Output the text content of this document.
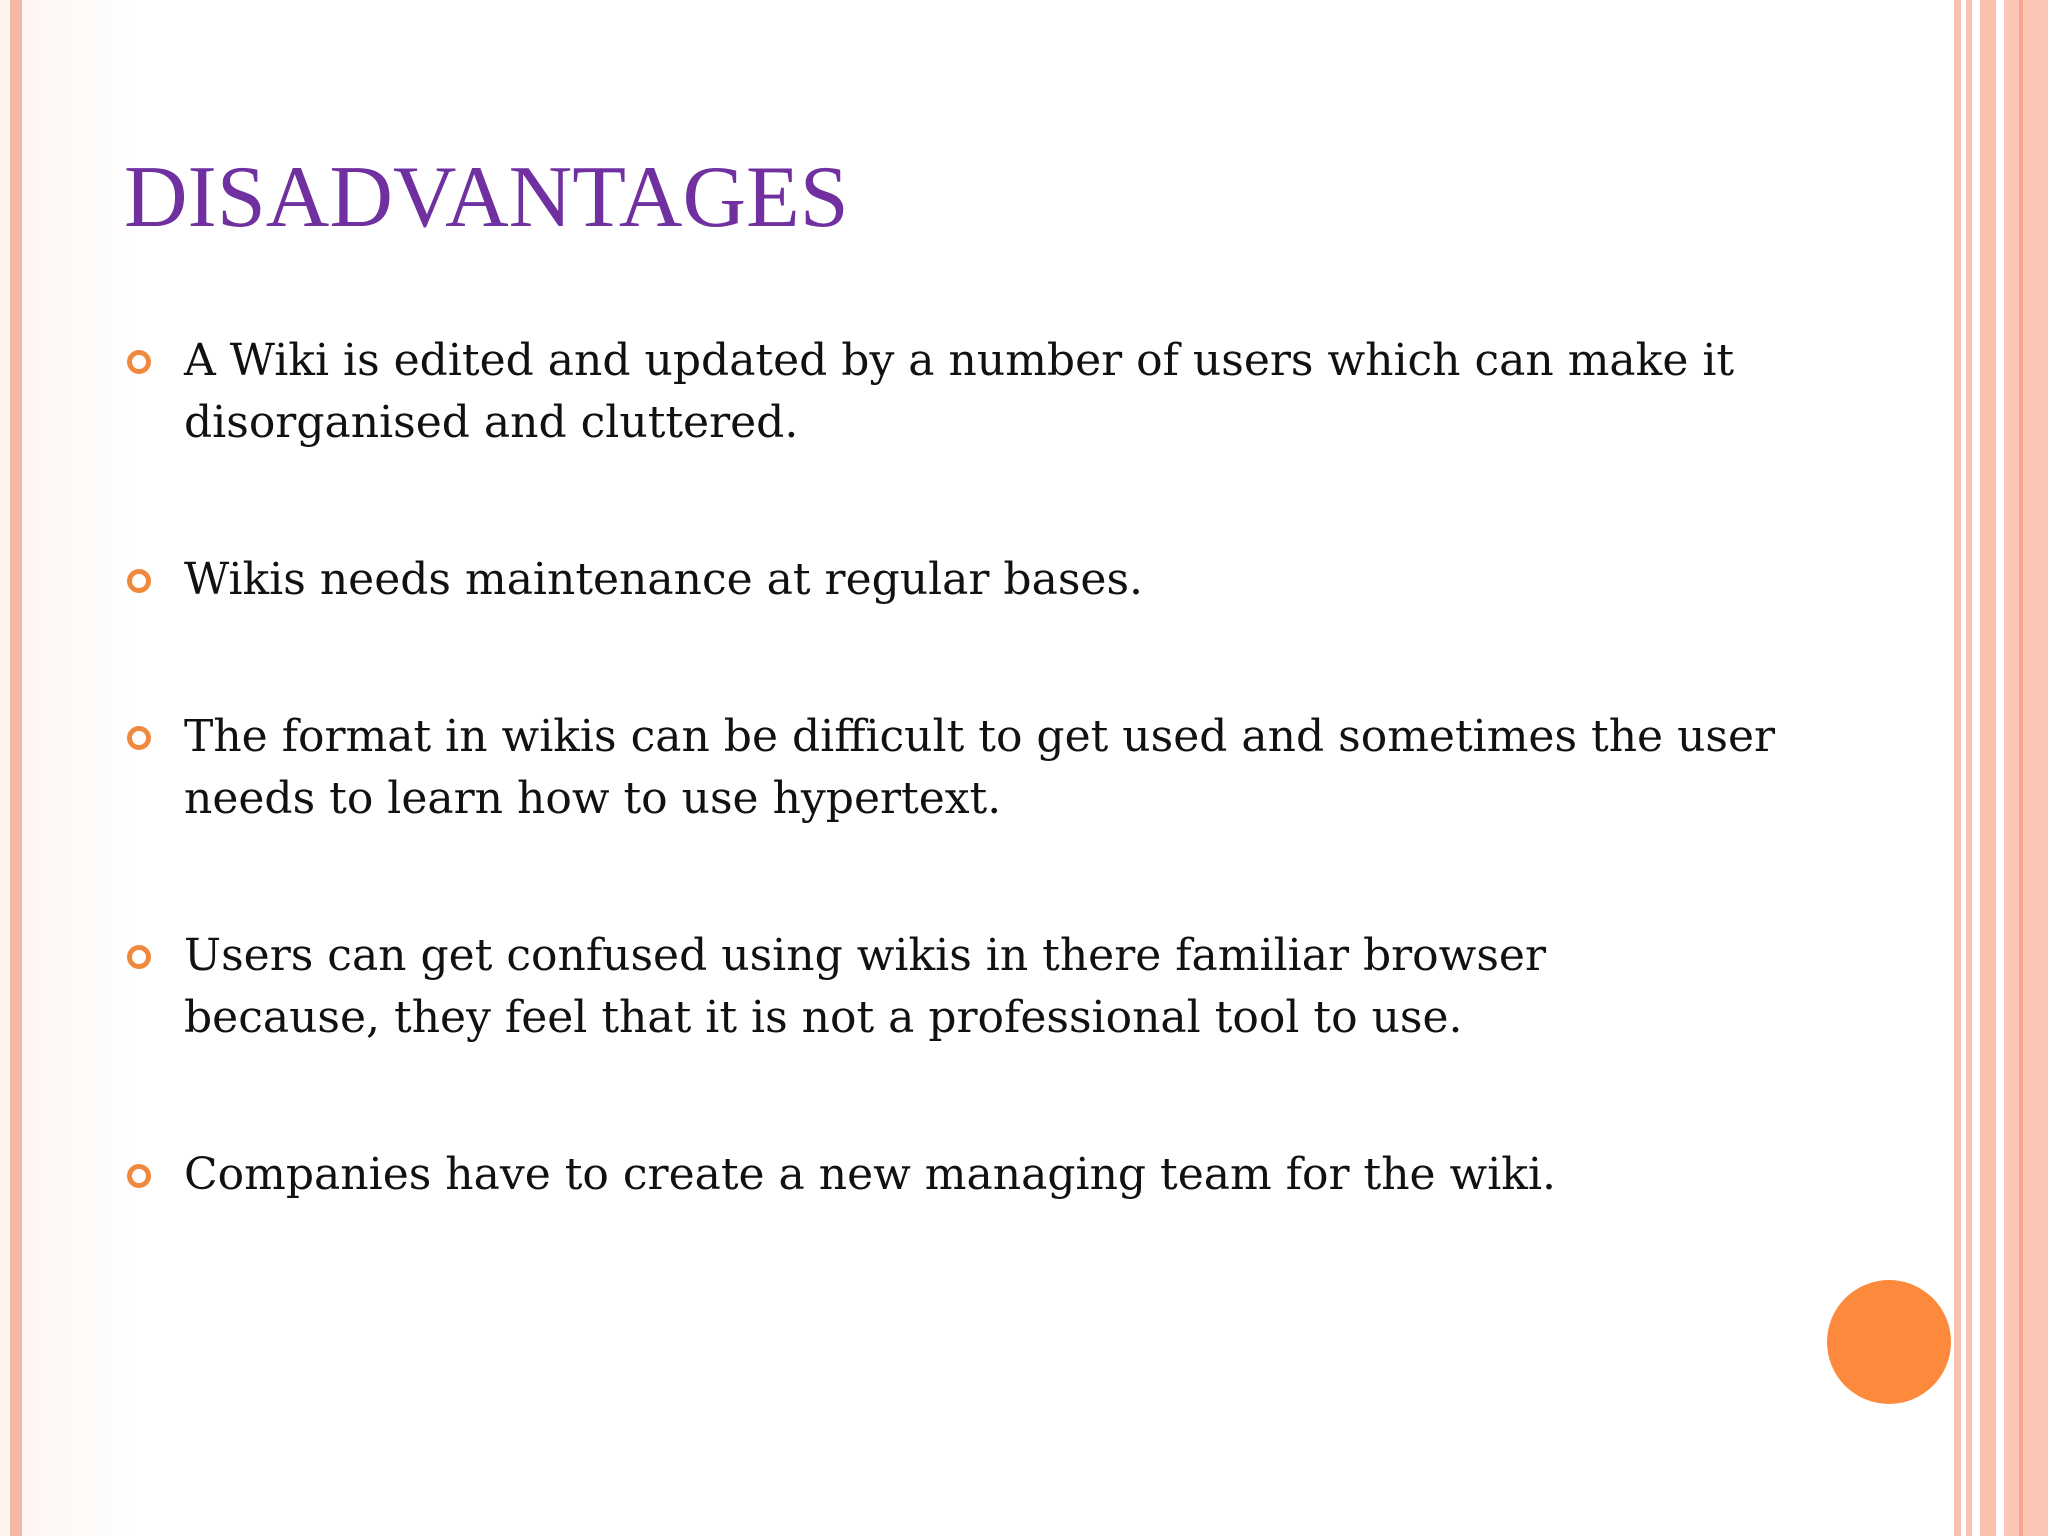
DISADVANTAGES
A Wiki is edited and updated by a number of users which can make it disorganised and cluttered.
Wikis needs maintenance at regular bases.
The format in wikis can be difficult to get used and sometimes the user needs to learn how to use hypertext.
Users can get confused using wikis in there familiar browser because, they feel that it is not a professional tool to use.
Companies have to create a new managing team for the wiki.
